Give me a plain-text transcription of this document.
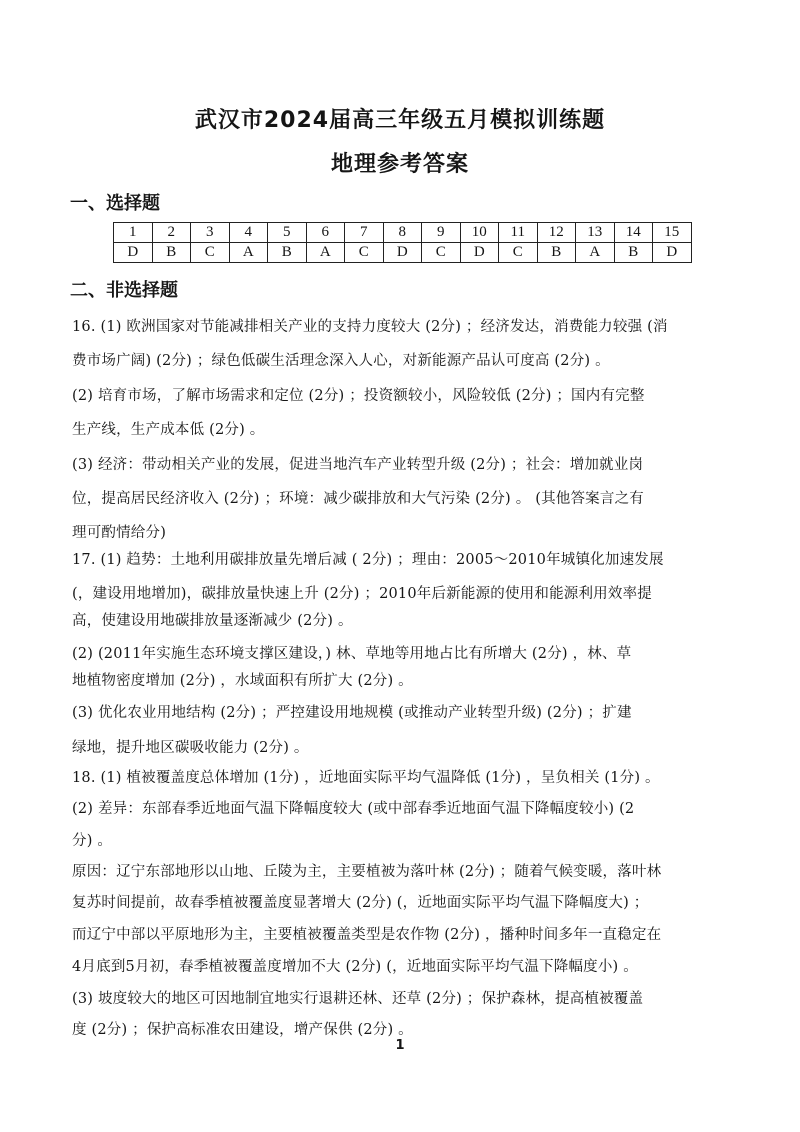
武汉市2024届高三年级五月模拟训练题
地理参考答案
一、选择题
1	2	3	4	5	6	7	8	9	10	11	12	13	14	15
D	B	C	A	B	A	C	D	C	D	C	B	A	B	D
二、非选择题
16. (1) 欧洲国家对节能减排相关产业的支持力度较大 (2分) ；经济发达，消费能力较强 (消
费市场广阔) (2分) ；绿色低碳生活理念深入人心，对新能源产品认可度高 (2分) 。
(2) 培育市场，了解市场需求和定位 (2分) ；投资额较小，风险较低 (2分) ；国内有完整
生产线，生产成本低 (2分) 。
(3) 经济：带动相关产业的发展，促进当地汽车产业转型升级 (2分) ；社会：增加就业岗
位，提高居民经济收入 (2分) ；环境：减少碳排放和大气污染 (2分) 。 (其他答案言之有
理可酌情给分)
17. (1) 趋势：土地利用碳排放量先增后减 ( 2分) ；理由：2005～2010年城镇化加速发展
(，建设用地增加)，碳排放量快速上升 (2分) ；2010年后新能源的使用和能源利用效率提
高，使建设用地碳排放量逐渐减少 (2分) 。
(2) (2011年实施生态环境支撑区建设，) 林、草地等用地占比有所增大 (2分) ，林、草
地植物密度增加 (2分) ，水域面积有所扩大 (2分) 。
(3) 优化农业用地结构 (2分) ；严控建设用地规模 (或推动产业转型升级) (2分) ；扩建
绿地，提升地区碳吸收能力 (2分) 。
18. (1) 植被覆盖度总体增加 (1分) ，近地面实际平均气温降低 (1分) ，呈负相关 (1分) 。
(2) 差异：东部春季近地面气温下降幅度较大 (或中部春季近地面气温下降幅度较小) (2
分) 。
原因：辽宁东部地形以山地、丘陵为主，主要植被为落叶林 (2分) ；随着气候变暖，落叶林
复苏时间提前，故春季植被覆盖度显著增大 (2分) (，近地面实际平均气温下降幅度大) ；
而辽宁中部以平原地形为主，主要植被覆盖类型是农作物 (2分) ，播种时间多年一直稳定在
4月底到5月初，春季植被覆盖度增加不大 (2分) (，近地面实际平均气温下降幅度小) 。
(3) 坡度较大的地区可因地制宜地实行退耕还林、还草 (2分) ；保护森林，提高植被覆盖
度 (2分) ；保护高标准农田建设，增产保供 (2分) 。
1
